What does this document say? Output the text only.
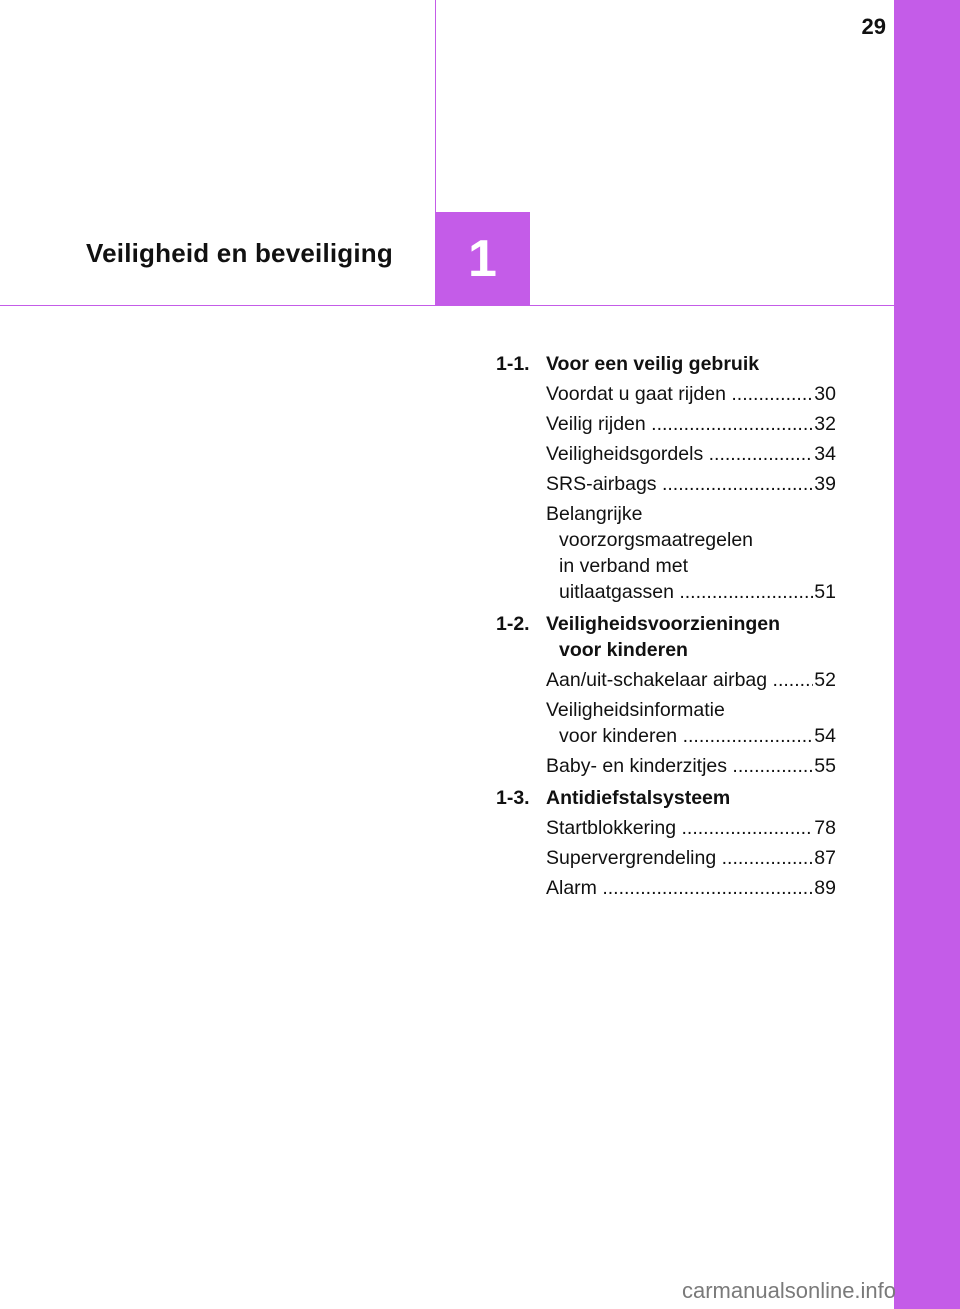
29
1
Veiligheid en beveiliging
1-1. Voor een veilig gebruik
Voordat u gaat rijden .....	30
Veilig rijden .....	32
Veiligheidsgordels .....	34
SRS-airbags .....	39
Belangrijke
voorzorgsmaatregelen
in verband met
uitlaatgassen .....	51
1-2. Veiligheidsvoorzieningen
voor kinderen
Aan/uit-schakelaar airbag .....	52
Veiligheidsinformatie
voor kinderen .....	54
Baby- en kinderzitjes .....	55
1-3. Antidiefstalsysteem
Startblokkering .....	78
Supervergrendeling .....	87
Alarm .....	89
carmanualsonline.info
